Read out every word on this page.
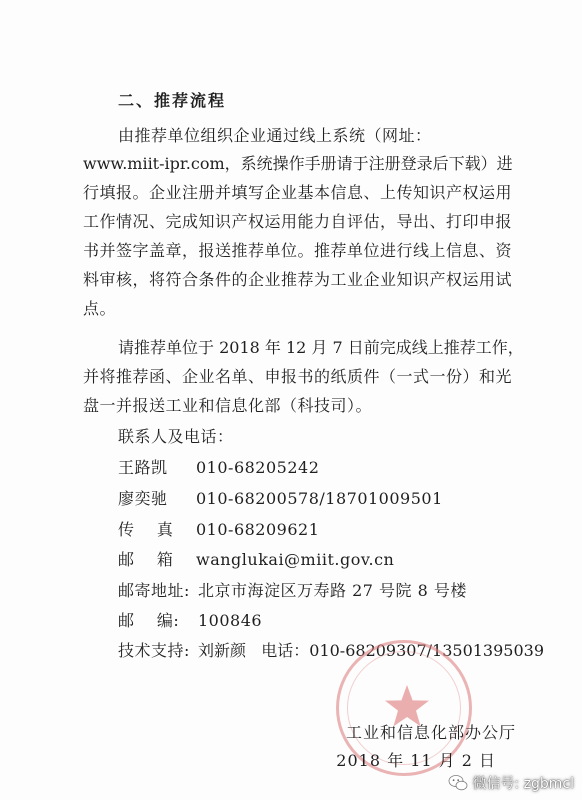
二、推荐流程
由推荐单位组织企业通过线上系统（网址：
www.miit-ipr.com，系统操作手册请于注册登录后下载）进
行填报。企业注册并填写企业基本信息、上传知识产权运用
工作情况、完成知识产权运用能力自评估，导出、打印申报
书并签字盖章，报送推荐单位。推荐单位进行线上信息、资
料审核，将符合条件的企业推荐为工业企业知识产权运用试
点。
请推荐单位于 2018 年 12 月 7 日前完成线上推荐工作，
并将推荐函、企业名单、申报书的纸质件（一式一份）和光
盘一并报送工业和信息化部（科技司）。
联系人及电话：
王路凯 010-68205242
廖奕驰 010-68200578/18701009501
传    真 010-68209621
邮    箱 wanglukai@miit.gov.cn
邮寄地址: 北京市海淀区万寿路 27 号院 8 号楼
邮    编: 100846
技术支持: 刘新颜   电话：010-68209307/13501395039
工业和信息化部办公厅
2018 年 11 月 2 日
微信号: zgbmcl
